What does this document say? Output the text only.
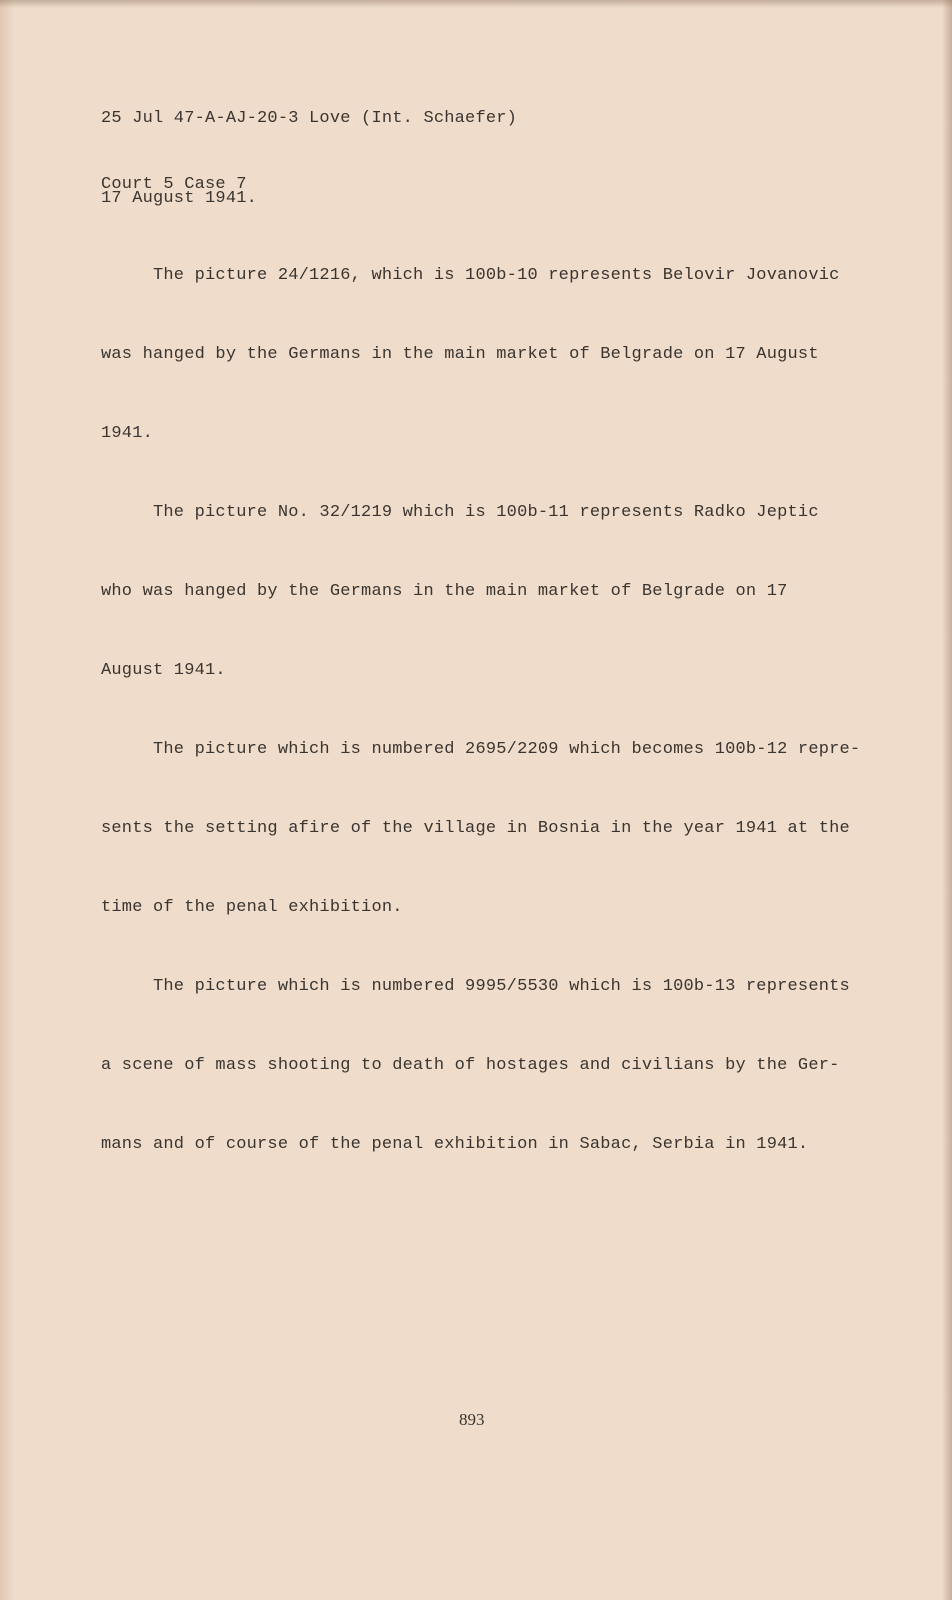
25 Jul 47-A-AJ-20-3 Love (Int. Schaefer)

Court 5 Case 7

17 August 1941.

The picture 24/1216, which is 100b-10 represents Belovir Jovanovic

was hanged by the Germans in the main market of Belgrade on 17 August

1941.

The picture No. 32/1219 which is 100b-11 represents Radko Jeptic

who was hanged by the Germans in the main market of Belgrade on 17

August 1941.

The picture which is numbered 2695/2209 which becomes 100b-12 repre-

sents the setting afire of the village in Bosnia in the year 1941 at the

time of the penal exhibition.

The picture which is numbered 9995/5530 which is 100b-13 represents

a scene of mass shooting to death of hostages and civilians by the Ger-

mans and of course of the penal exhibition in Sabac, Serbia in 1941.

893
